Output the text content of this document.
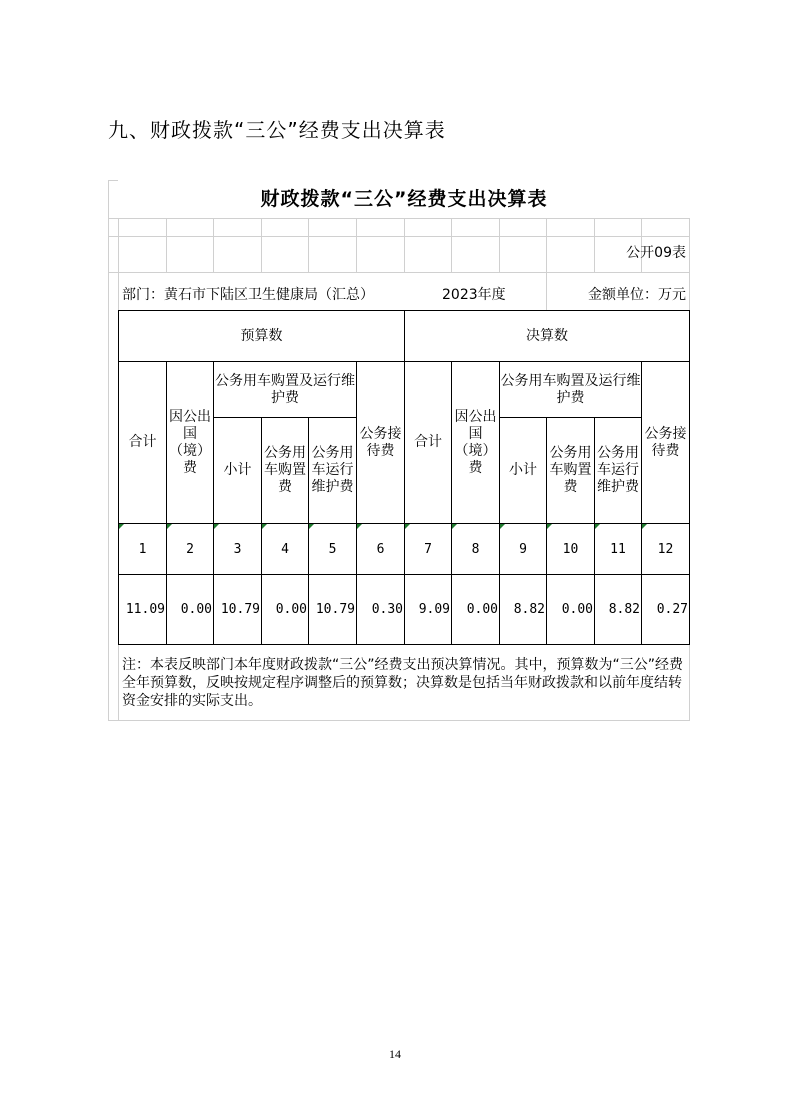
九、财政拨款“三公”经费支出决算表
财政拨款“三公”经费支出决算表
公开09表
部门：黄石市下陆区卫生健康局（汇总）	2023年度	金额单位：万元
预算数						决算数					
合计	因公出国（境）费	公务用车购置及运行维护费			公务接待费	合计	因公出国（境）费	公务用车购置及运行维护费			公务接待费
		小计	公务用车购置费	公务用车运行维护费				小计	公务用车购置费	公务用车运行维护费	

1	2	3	4	5	6	7	8	9	10	11	12
11.09	0.00	10.79	0.00	10.79	0.30	9.09	0.00	8.82	0.00	8.82	0.27
注：本表反映部门本年度财政拨款“三公”经费支出预决算情况。其中，预算数为“三公”经费全年预算数，反映按规定程序调整后的预算数；决算数是包括当年财政拨款和以前年度结转资金安排的实际支出。
14
